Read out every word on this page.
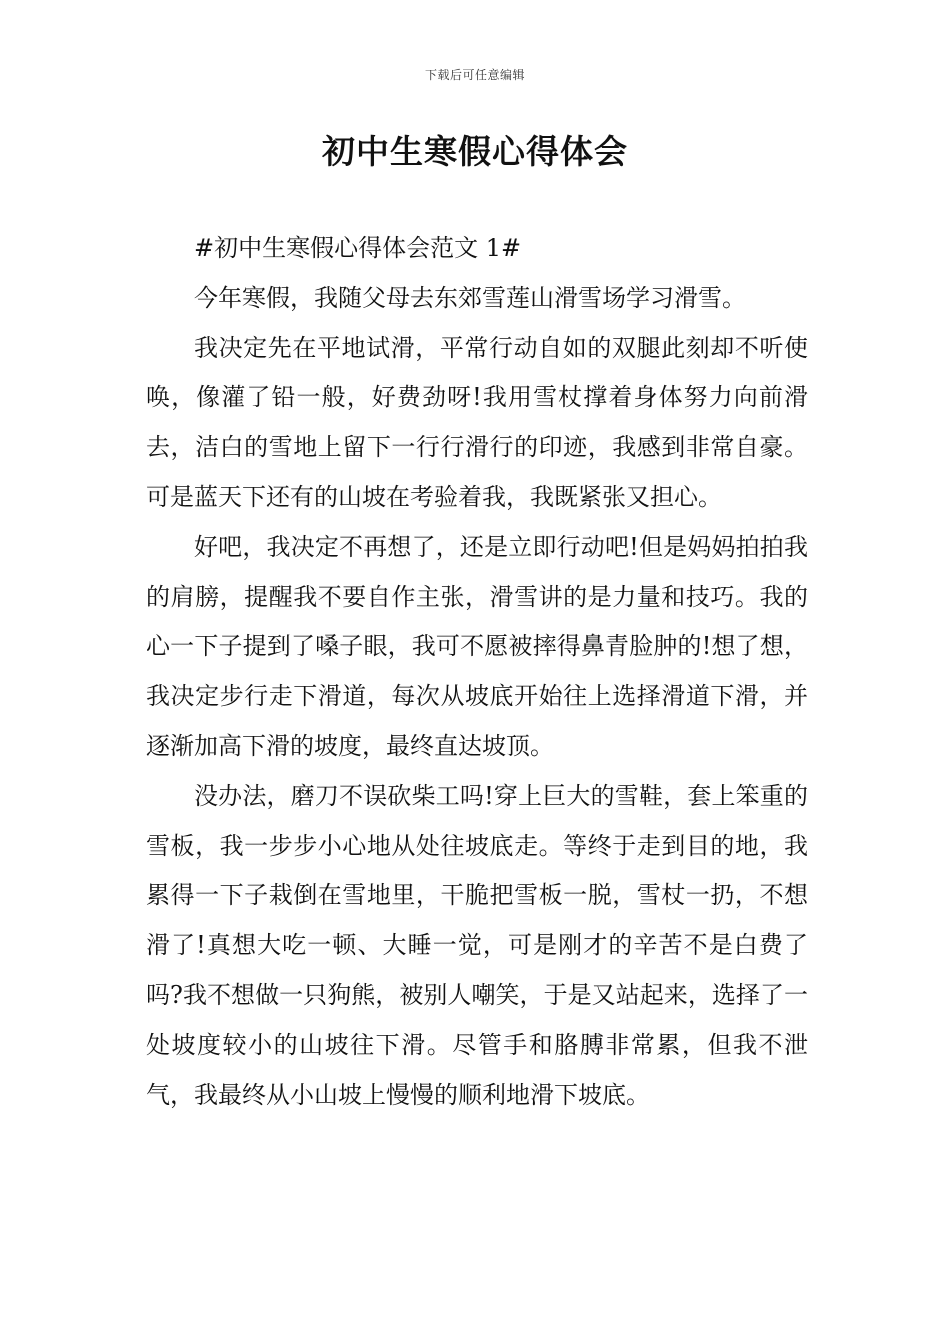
下载后可任意编辑
初中生寒假心得体会

#初中生寒假心得体会范文 1#

今年寒假，我随父母去东郊雪莲山滑雪场学习滑雪。

我决定先在平地试滑，平常行动自如的双腿此刻却不听使唤，像灌了铅一般，好费劲呀!我用雪杖撑着身体努力向前滑去，洁白的雪地上留下一行行滑行的印迹，我感到非常自豪。可是蓝天下还有的山坡在考验着我，我既紧张又担心。

好吧，我决定不再想了，还是立即行动吧!但是妈妈拍拍我的肩膀，提醒我不要自作主张，滑雪讲的是力量和技巧。我的心一下子提到了嗓子眼，我可不愿被摔得鼻青脸肿的!想了想，我决定步行走下滑道，每次从坡底开始往上选择滑道下滑，并逐渐加高下滑的坡度，最终直达坡顶。

没办法，磨刀不误砍柴工吗!穿上巨大的雪鞋，套上笨重的雪板，我一步步小心地从处往坡底走。等终于走到目的地，我累得一下子栽倒在雪地里，干脆把雪板一脱，雪杖一扔，不想滑了!真想大吃一顿、大睡一觉，可是刚才的辛苦不是白费了吗?我不想做一只狗熊，被别人嘲笑，于是又站起来，选择了一处坡度较小的山坡往下滑。尽管手和胳膊非常累，但我不泄气，我最终从小山坡上慢慢的顺利地滑下坡底。
